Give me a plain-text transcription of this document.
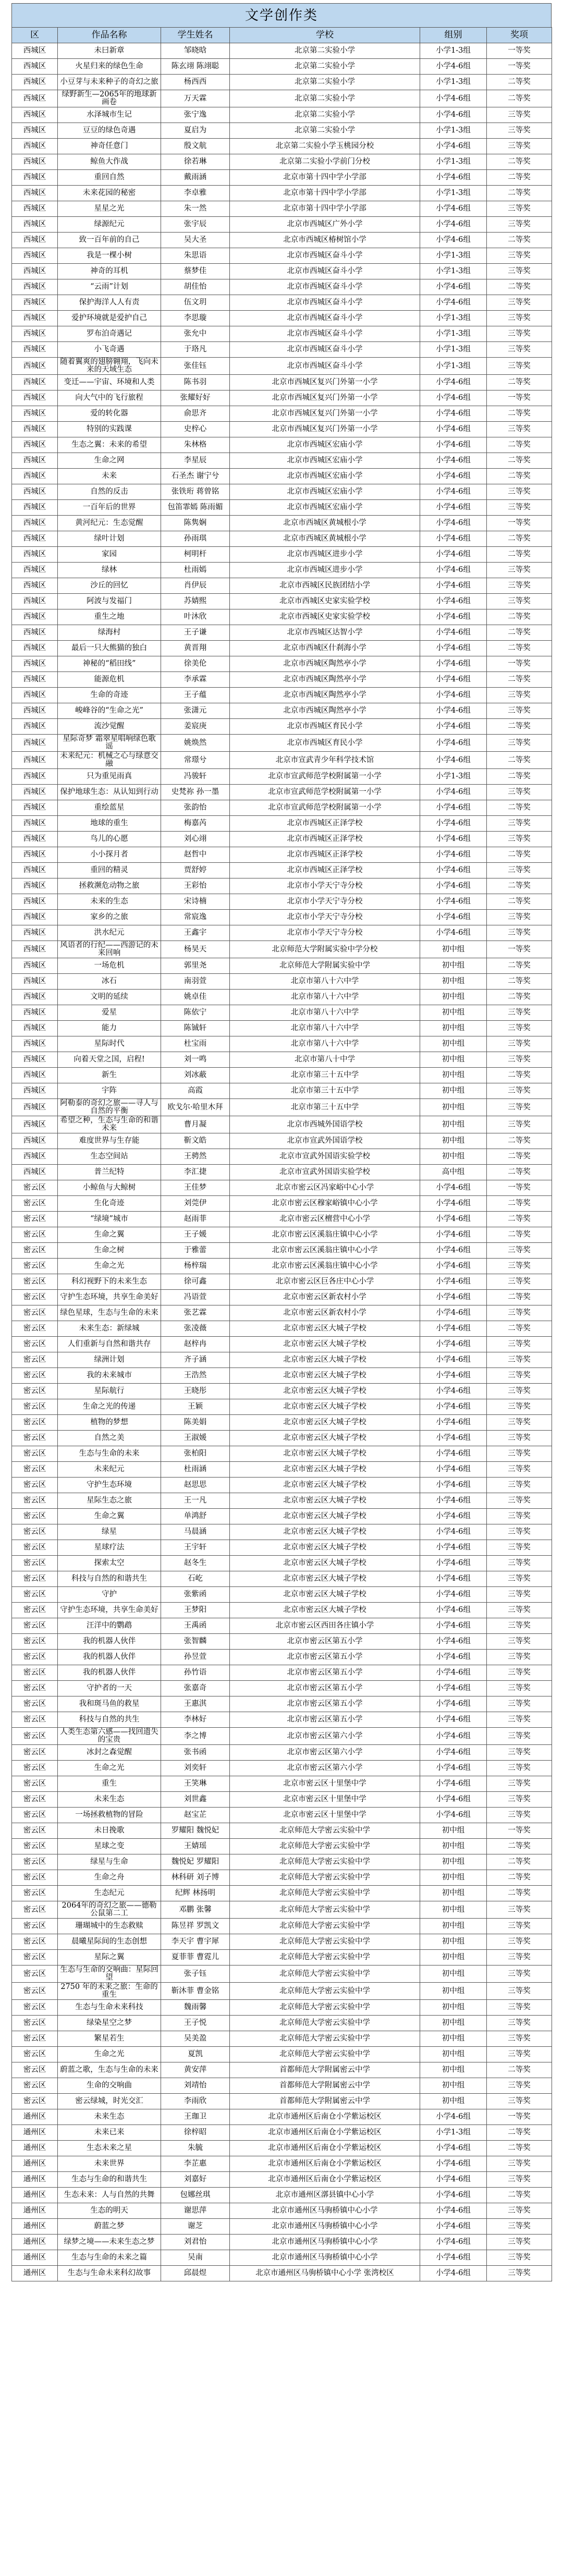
文学创作类
区	作品名称	学生姓名	学校	组别	奖项
西城区	未曰新章	邹晓晗	北京第二实验小学	小学1-3组	一等奖
西城区	火星归来的绿色生命	陈玄翊 陈翊聪	北京第二实验小学	小学4-6组	一等奖
西城区	小豆芽与未来种子的奇幻之旅	杨西西	北京第二实验小学	小学1-3组	二等奖
西城区	绿野新生—2065年的地球新画卷	万天霖	北京第二实验小学	小学4-6组	二等奖
西城区	水泽城市生记	张宁逸	北京第二实验小学	小学4-6组	三等奖
西城区	豆豆的绿色奇遇	夏启为	北京第二实验小学	小学1-3组	三等奖
西城区	神奇任意门	殷文航	北京第二实验小学玉桃园分校	小学4-6组	三等奖
西城区	鲸鱼大作战	徐若琳	北京第二实验小学前门分校	小学1-3组	二等奖
西城区	重回自然	戴雨涵	北京市第十四中学小学部	小学4-6组	二等奖
西城区	未来花园的秘密	李卓雅	北京市第十四中学小学部	小学1-3组	二等奖
西城区	星星之光	朱一然	北京市第十四中学小学部	小学4-6组	三等奖
西城区	绿源纪元	张宇辰	北京市西城区广外小学	小学4-6组	三等奖
西城区	致一百年前的自己	吴大圣	北京市西城区椿树馆小学	小学4-6组	二等奖
西城区	我是一棵小树	朱思语	北京市西城区奋斗小学	小学1-3组	三等奖
西城区	神奇的耳机	蔡梦佳	北京市西城区奋斗小学	小学1-3组	三等奖
西城区	“云雨”计划	胡佳怡	北京市西城区奋斗小学	小学4-6组	二等奖
西城区	保护海洋人人有责	伍文玥	北京市西城区奋斗小学	小学4-6组	三等奖
西城区	爱护环境就是爱护自己	李思璇	北京市西城区奋斗小学	小学1-3组	三等奖
西城区	罗布泊奇遇记	张允中	北京市西城区奋斗小学	小学1-3组	三等奖
西城区	小飞奇遇	于珞凡	北京市西城区奋斗小学	小学1-3组	三等奖
西城区	随着翼爽的翅膀翱翔，飞向未来的天域生态	张佳钰	北京市西城区奋斗小学	小学1-3组	三等奖
西城区	变迁——宇宙、环境和人类	陈书羽	北京市西城区复兴门外第一小学	小学4-6组	二等奖
西城区	向大气中的飞行旅程	张耀好好	北京市西城区复兴门外第一小学	小学4-6组	一等奖
西城区	爱的转化器	俞思齐	北京市西城区复兴门外第一小学	小学4-6组	二等奖
西城区	特别的实践课	史梓心	北京市西城区复兴门外第一小学	小学4-6组	三等奖
西城区	生态之翼：未来的希望	朱林格	北京市西城区宏庙小学	小学4-6组	二等奖
西城区	生命之网	李星辰	北京市西城区宏庙小学	小学4-6组	二等奖
西城区	未来	石圣杰 谢宁兮	北京市西城区宏庙小学	小学4-6组	二等奖
西城区	自然的反击	张铁珩 蒋曾铭	北京市西城区宏庙小学	小学4-6组	三等奖
西城区	一百年后的世界	包笛霏嫣 陈雨媚	北京市西城区宏庙小学	小学4-6组	三等奖
西城区	黄河纪元：生态觉醒	陈隽娴	北京市西城区黄城根小学	小学4-6组	一等奖
西城区	绿叶计划	孙雨琪	北京市西城区黄城根小学	小学4-6组	二等奖
西城区	家园	柯明杆	北京市西城区进步小学	小学4-6组	二等奖
西城区	绿林	杜雨嫣	北京市西城区进步小学	小学4-6组	三等奖
西城区	沙丘的回忆	肖伊辰	北京市西城区民族团结小学	小学4-6组	三等奖
西城区	阿波与发福门	苏婧熙	北京市西城区史家实验学校	小学4-6组	三等奖
西城区	重生之地	叶沐欣	北京市西城区史家实验学校	小学4-6组	二等奖
西城区	绿海村	王子谦	北京市西城区达智小学	小学4-6组	二等奖
西城区	最后一只大熊猫的独白	黄晋翔	北京市西城区什刹海小学	小学4-6组	二等奖
西城区	神秘的“稻田线”	徐美伦	北京市西城区陶然亭小学	小学4-6组	一等奖
西城区	能源危机	李承霖	北京市西城区陶然亭小学	小学4-6组	二等奖
西城区	生命的奇迹	王子蕴	北京市西城区陶然亭小学	小学4-6组	三等奖
西城区	峻峰谷的“生命之光”	张潇元	北京市西城区陶然亭小学	小学4-6组	三等奖
西城区	流沙觉醒	姜宸庚	北京市西城区育民小学	小学4-6组	二等奖
西城区	星际奇梦 霜翠星唱响绿色歌谣	姚焕然	北京市西城区育民小学	小学4-6组	三等奖
西城区	未来纪元：机械之心与绿意交融	常璟兮	北京市宣武青少年科学技术馆	小学4-6组	二等奖
西城区	只为重见雨真	冯骏轩	北京市宣武师范学校附属第一小学	小学1-3组	二等奖
西城区	保护地球生态：从认知到行动	史梵祢 孙一墨	北京市宣武师范学校附属第一小学	小学4-6组	三等奖
西城区	重绘蓝星	张韵怡	北京市宣武师范学校附属第一小学	小学4-6组	二等奖
西城区	地球的重生	梅嘉芮	北京市西城区正泽学校	小学4-6组	三等奖
西城区	鸟儿的心愿	刘心翊	北京市西城区正泽学校	小学4-6组	三等奖
西城区	小小探月者	赵哲中	北京市西城区正泽学校	小学4-6组	二等奖
西城区	重回的精灵	贾舒婷	北京市西城区正泽学校	小学4-6组	三等奖
西城区	拯救濒危动物之旅	王彩怡	北京市小学天宁寺分校	小学4-6组	二等奖
西城区	未来的生态	宋诗楠	北京市小学天宁寺分校	小学4-6组	二等奖
西城区	家乡的之旅	常宸逸	北京市小学天宁寺分校	小学4-6组	三等奖
西城区	洪水纪元	王鑫宇	北京市小学天宁寺分校	小学4-6组	三等奖
西城区	风语者的行纪——西游记的未来回响	杨昊天	北京师范大学附属实验中学分校	初中组	一等奖
西城区	一场危机	郭里尧	北京师范大学附属实验中学	初中组	二等奖
西城区	冰石	南羽萱	北京市第八十六中学	初中组	二等奖
西城区	文明的延续	姚卓佳	北京市第八十六中学	初中组	二等奖
西城区	爱星	陈依宁	北京市第八十六中学	初中组	三等奖
西城区	能力	陈铖轩	北京市第八十六中学	初中组	三等奖
西城区	星际时代	杜宝雨	北京市第八十六中学	初中组	三等奖
西城区	向着天堂之国，启程!	刘一鸣	北京市第八十中学	初中组	三等奖
西城区	新生	刘冰蔽	北京市第三十五中学	初中组	二等奖
西城区	宇阵	高霞	北京市第三十五中学	初中组	三等奖
西城区	阿勒泰的奇幻之旅——寻人与自然的平衡	欧戈尔·哈里木拜	北京市第三十五中学	初中组	三等奖
西城区	希望之种，生态与生命的和谐未来	曹月凝	北京市西城外国语学校	初中组	三等奖
西城区	难度世界与生存能	靳文皓	北京市宣武外国语学校	初中组	二等奖
西城区	生态空间站	王骋然	北京市宣武外国语实验学校	初中组	二等奖
西城区	普兰纪特	李汇捷	北京市宣武外国语实验学校	高中组	二等奖
密云区	小鲸鱼与大鲸树	王佳梦	北京市密云区冯家峪中心小学	小学4-6组	一等奖
密云区	生化奇迹	刘莞伊	北京市密云区穆家峪镇中心小学	小学4-6组	二等奖
密云区	“绿境”城市	赵雨菲	北京市密云区檀营中心小学	小学4-6组	二等奖
密云区	生命之翼	王子媛	北京市密云区溪翁庄镇中心小学	小学4-6组	二等奖
密云区	生命之树	于雅蕾	北京市密云区溪翁庄镇中心小学	小学4-6组	三等奖
密云区	生命之光	杨梓瑞	北京市密云区溪翁庄镇中心小学	小学4-6组	三等奖
密云区	科幻视野下的未来生态	徐可鑫	北京市密云区巨各庄中心小学	小学4-6组	三等奖
密云区	守护生态环境，共享生命美好	冯语萱	北京市密云区新农村小学	小学4-6组	二等奖
密云区	绿色星球，生态与生命的未来	张艺霖	北京市密云区新农村小学	小学4-6组	三等奖
密云区	未来生态：新绿城	张凌薇	北京市密云区大城子学校	小学4-6组	二等奖
密云区	人们重新与自然和谐共存	赵梓冉	北京市密云区大城子学校	小学4-6组	三等奖
密云区	绿洲计划	齐子涵	北京市密云区大城子学校	小学4-6组	三等奖
密云区	我的未来城市	王浩然	北京市密云区大城子学校	小学4-6组	三等奖
密云区	星际航行	王晓彤	北京市密云区大城子学校	小学4-6组	三等奖
密云区	生命之光的传递	王颖	北京市密云区大城子学校	小学4-6组	三等奖
密云区	植物的梦想	陈美娟	北京市密云区大城子学校	小学4-6组	三等奖
密云区	自然之美	王淑媛	北京市密云区大城子学校	小学4-6组	三等奖
密云区	生态与生命的未来	张柏阳	北京市密云区大城子学校	小学4-6组	三等奖
密云区	未来纪元	杜雨涵	北京市密云区大城子学校	小学4-6组	三等奖
密云区	守护生态环境	赵思思	北京市密云区大城子学校	小学4-6组	三等奖
密云区	星际生态之旅	王一凡	北京市密云区大城子学校	小学4-6组	三等奖
密云区	生命之翼	单鸿舒	北京市密云区大城子学校	小学4-6组	三等奖
密云区	绿星	马晨涵	北京市密云区大城子学校	小学4-6组	三等奖
密云区	星球疗法	王宇轩	北京市密云区大城子学校	小学4-6组	三等奖
密云区	探索太空	赵冬生	北京市密云区大城子学校	小学4-6组	三等奖
密云区	科技与自然的和谐共生	石屹	北京市密云区大城子学校	小学4-6组	三等奖
密云区	守护	张紫函	北京市密云区大城子学校	小学4-6组	三等奖
密云区	守护生态环境，共享生命美好	王梦阳	北京市密云区大城子学校	小学4-6组	三等奖
密云区	汪洋中的鹦鹉	王禹函	北京市密云区西田各庄镇小学	小学4-6组	三等奖
密云区	我的机器人伙伴	张智麟	北京市密云区第五小学	小学4-6组	三等奖
密云区	我的机器人伙伴	孙昱萱	北京市密云区第五小学	小学4-6组	三等奖
密云区	我的机器人伙伴	孙竹语	北京市密云区第五小学	小学4-6组	三等奖
密云区	守护者的一天	张嘉奇	北京市密云区第五小学	小学4-6组	三等奖
密云区	我和斑马鱼的救星	王惠淇	北京市密云区第五小学	小学4-6组	三等奖
密云区	科技与自然的共生	李林好	北京市密云区第五小学	小学4-6组	三等奖
密云区	人类生态第六感——找回遗失的宝贵	李之博	北京市密云区第六小学	小学4-6组	三等奖
密云区	冰封之森觉醒	张书函	北京市密云区第六小学	小学4-6组	三等奖
密云区	生命之光	刘奕轩	北京市密云区第六小学	小学4-6组	三等奖
密云区	重生	王笑琳	北京市密云区十里堡中学	小学4-6组	三等奖
密云区	未来生态	刘世鑫	北京市密云区十里堡中学	小学4-6组	三等奖
密云区	一场拯救植物的冒险	赵宝芷	北京市密云区十里堡中学	小学4-6组	三等奖
密云区	未日挽歌	罗耀阳 魏悦妃	北京师范大学密云实验中学	初中组	一等奖
密云区	星球之变	王婧瑶	北京师范大学密云实验中学	初中组	二等奖
密云区	绿星与生命	魏悦妃 罗耀阳	北京师范大学密云实验中学	初中组	二等奖
密云区	生命之舟	林科研 刘子博	北京师范大学密云实验中学	初中组	二等奖
密云区	生态纪元	纪辉 林扬明	北京师范大学密云实验中学	初中组	二等奖
密云区	2064年的奇幻之旅——德勒公鼠第二工	邓鹏 张馨	北京师范大学密云实验中学	初中组	三等奖
密云区	珊瑚城中的生态救赎	陈昱祥 罗凯文	北京师范大学密云实验中学	初中组	三等奖
密云区	晨曦星际间的生态创想	李天宇 曹宇犀	北京师范大学密云实验中学	初中组	三等奖
密云区	星际之翼	夏菲菲 曹霓儿	北京师范大学密云实验中学	初中组	三等奖
密云区	生态与生命的交响曲：星际回望	张子钰	北京师范大学密云实验中学	初中组	三等奖
密云区	2750 年的未来之旅：生命的重生	靳沐菲 曹金铭	北京师范大学密云实验中学	初中组	三等奖
密云区	生态与生命未来科技	魏雨馨	北京师范大学密云实验中学	初中组	三等奖
密云区	绿染星空之梦	王子悦	北京师范大学密云实验中学	初中组	三等奖
密云区	繁星若生	吴美盈	北京师范大学密云实验中学	初中组	三等奖
密云区	生命之光	夏凯	北京师范大学密云实验中学	初中组	三等奖
密云区	蔚蓝之歌，生态与生命的未来	黄安萍	首都师范大学附属密云中学	初中组	二等奖
密云区	生命的交响曲	刘靖怡	首都师范大学附属密云中学	初中组	三等奖
密云区	密云绿城，时光交汇	李雨欣	首都师范大学附属密云中学	初中组	三等奖
通州区	未来生态	王珈卫	北京市通州区后南仓小学紫运校区	小学4-6组	一等奖
通州区	未来已来	徐梓昭	北京市通州区后南仓小学紫运校区	小学1-3组	二等奖
通州区	生态未来之星	朱毓	北京市通州区后南仓小学紫运校区	小学4-6组	二等奖
通州区	未来世界	李芷惠	北京市通州区后南仓小学紫运校区	小学4-6组	三等奖
通州区	生态与生命的和谐共生	刘嘉好	北京市通州区后南仓小学紫运校区	小学4-6组	三等奖
通州区	生态未来：人与自然的共舞	包娜丝琪	北京市通州区漷县镇中心小学	小学4-6组	二等奖
通州区	生态的明天	谢思萍	北京市通州区马驹桥镇中心小学	小学4-6组	三等奖
通州区	蔚蓝之梦	谢芝	北京市通州区马驹桥镇中心小学	小学4-6组	三等奖
通州区	绿梦之境——未来生态之梦	刘君怡	北京市通州区马驹桥镇中心小学	小学4-6组	三等奖
通州区	生态与生命的未来之篇	吴南	北京市通州区马驹桥镇中心小学	小学4-6组	三等奖
通州区	生态与生命未来科幻故事	邱晨煜	北京市通州区马驹桥镇中心小学 张湾校区	小学4-6组	三等奖
